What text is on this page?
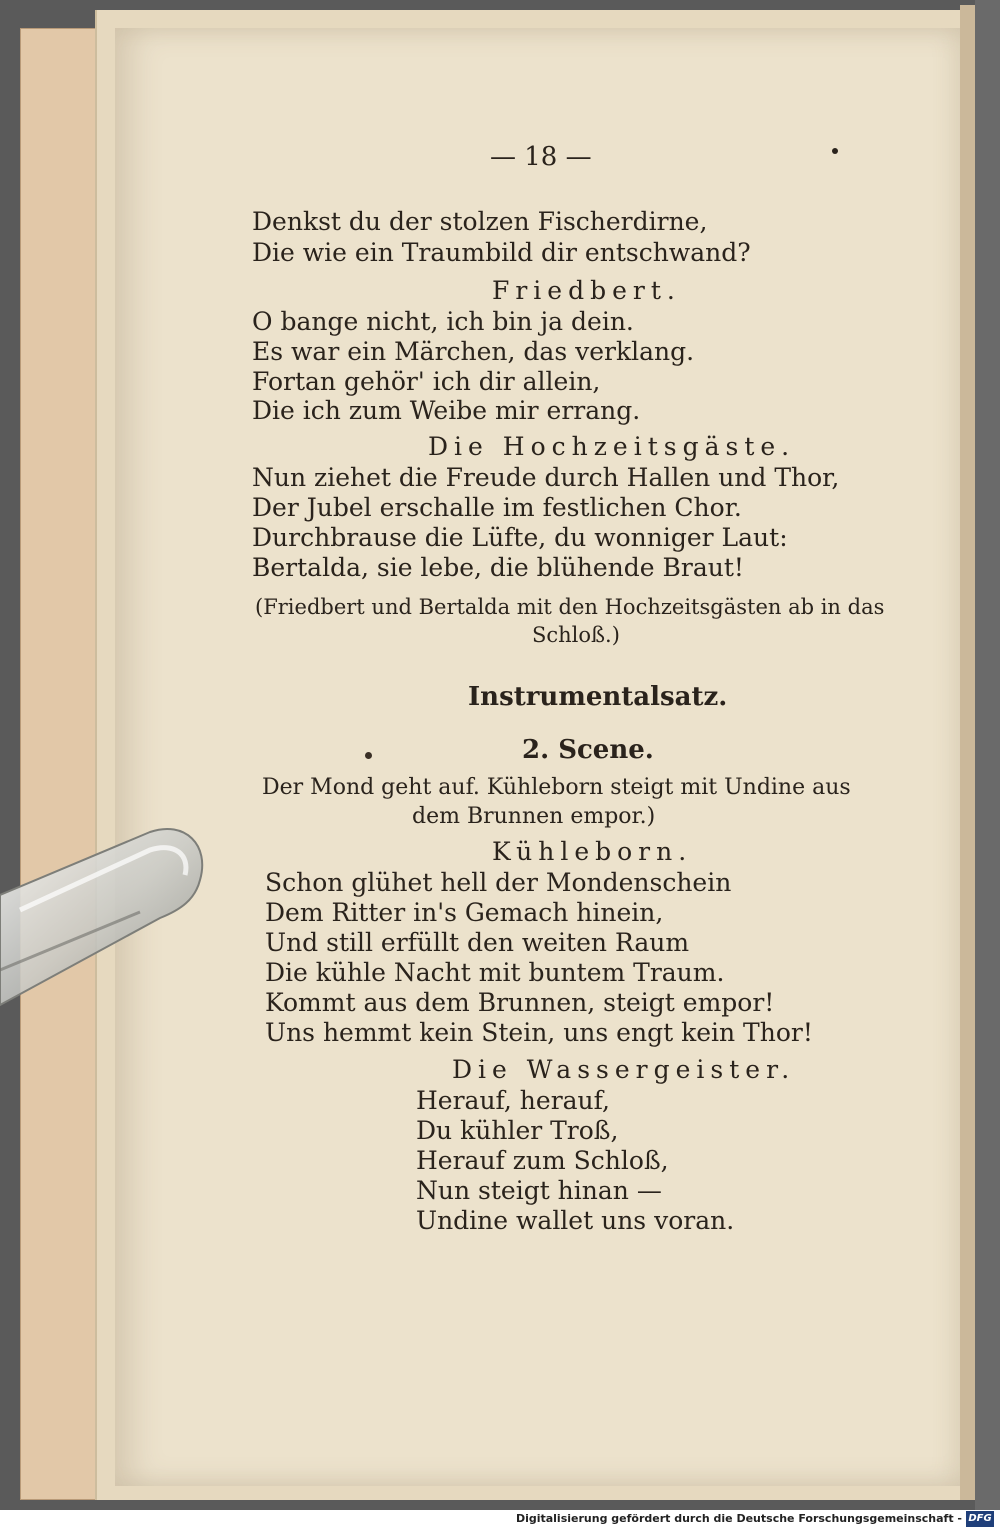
— 18 —
Denkst du der stolzen Fischerdirne,
Die wie ein Traumbild dir entschwand?
Friedbert.
O bange nicht, ich bin ja dein.
Es war ein Märchen, das verklang.
Fortan gehör' ich dir allein,
Die ich zum Weibe mir errang.
Die Hochzeitsgäste.
Nun ziehet die Freude durch Hallen und Thor,
Der Jubel erschalle im festlichen Chor.
Durchbrause die Lüfte, du wonniger Laut:
Bertalda, sie lebe, die blühende Braut!
(Friedbert und Bertalda mit den Hochzeitsgästen ab in das
Schloß.)
Instrumentalsatz.
2. Scene.
Der Mond geht auf. Kühleborn steigt mit Undine aus
dem Brunnen empor.)
Kühleborn.
Schon glühet hell der Mondenschein
Dem Ritter in's Gemach hinein,
Und still erfüllt den weiten Raum
Die kühle Nacht mit buntem Traum.
Kommt aus dem Brunnen, steigt empor!
Uns hemmt kein Stein, uns engt kein Thor!
Die Wassergeister.
Herauf, herauf,
Du kühler Troß,
Herauf zum Schloß,
Nun steigt hinan —
Undine wallet uns voran.
Digitalisierung gefördert durch die Deutsche Forschungsgemeinschaft - DFG
